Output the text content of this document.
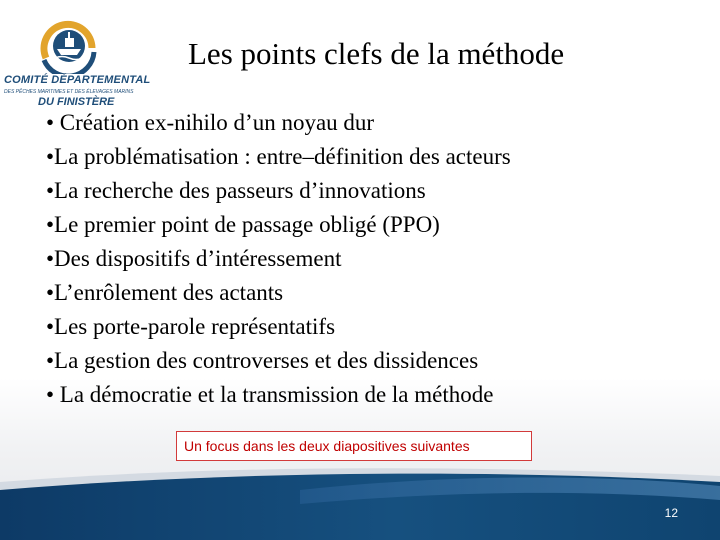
COMITÉ DÉPARTEMENTAL
DES PÊCHES MARITIMES ET DES ÉLEVAGES MARINS
DU FINISTÈRE
Les points clefs de la méthode
• Création ex-nihilo d’un noyau dur
•La problématisation : entre–définition des acteurs
•La recherche des passeurs d’innovations
•Le premier point de passage obligé (PPO)
•Des dispositifs d’intéressement
•L’enrôlement des actants
•Les porte-parole représentatifs
•La gestion des controverses et des dissidences
• La démocratie et la transmission de la méthode
Un focus dans les deux diapositives suivantes
12
